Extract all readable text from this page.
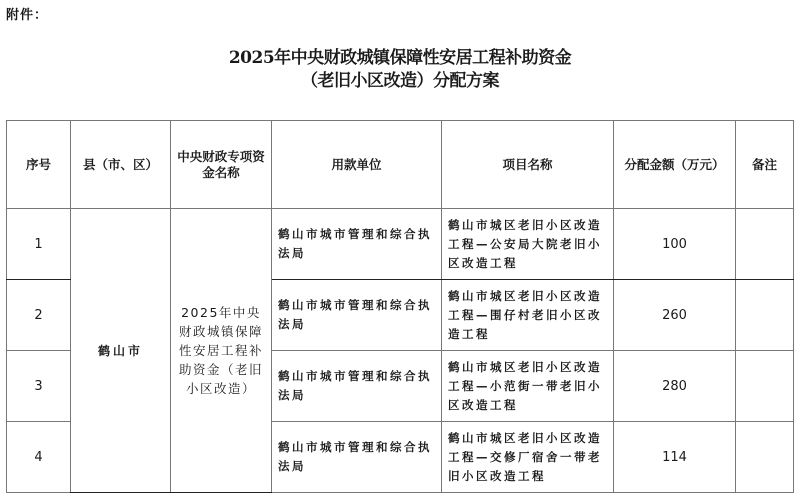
附件：
2025年中央财政城镇保障性安居工程补助资金
（老旧小区改造）分配方案
序号	县（市、区）	中央财政专项资金名称	用款单位	项目名称	分配金额（万元）	备注
1	鹤山市	2025年中央财政城镇保障性安居工程补助资金（老旧小区改造）	鹤山市城市管理和综合执法局	鹤山市城区老旧小区改造工程—公安局大院老旧小区改造工程	100	
2			鹤山市城市管理和综合执法局	鹤山市城区老旧小区改造工程—围仔村老旧小区改造工程	260	
3			鹤山市城市管理和综合执法局	鹤山市城区老旧小区改造工程—小范街一带老旧小区改造工程	280	
4			鹤山市城市管理和综合执法局	鹤山市城区老旧小区改造工程—交修厂宿舍一带老旧小区改造工程	114	
